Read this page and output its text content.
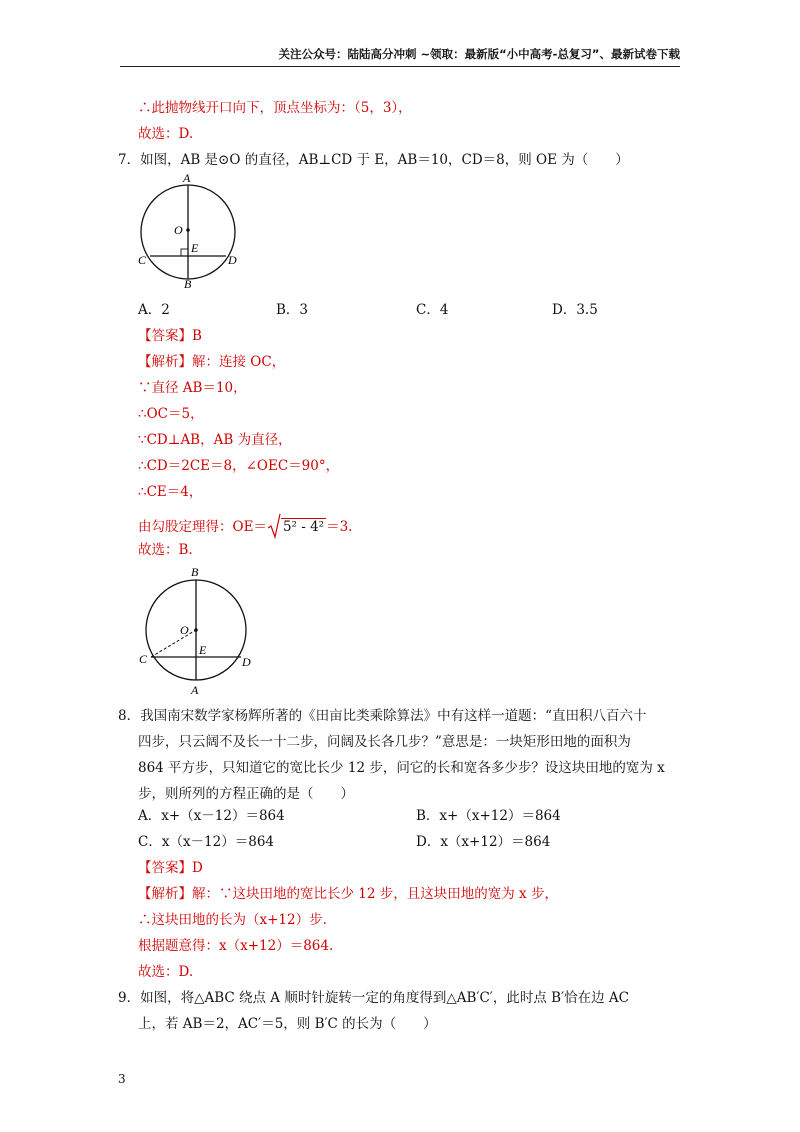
关注公众号：陆陆高分冲刺 ~领取：最新版“小中高考-总复习”、最新试卷下载
∴此抛物线开口向下，顶点坐标为：（5，3），
故选：D.
7．如图，AB 是⊙O 的直径，AB⊥CD 于 E，AB＝10，CD＝8，则 OE 为（　　）
A
B
C	D
O
E
A．2	B．3	C．4	D．3.5
【答案】B
【解析】解：连接 OC，
∵直径 AB＝10，
∴OC＝5，
∵CD⊥AB，AB 为直径，
∴CD＝2CE＝8，∠OEC＝90°，
∴CE＝4，
由勾股定理得：OE＝ 5² - 4² ＝3.
故选：B.
B
A
C	D
O
E
8．我国南宋数学家杨辉所著的《田亩比类乘除算法》中有这样一道题：“直田积八百六十
四步，只云阔不及长一十二步，问阔及长各几步？”意思是：一块矩形田地的面积为
864 平方步，只知道它的宽比长少 12 步，问它的长和宽各多少步？设这块田地的宽为 x
步，则所列的方程正确的是（　　）
A．x+（x－12）＝864	B．x+（x+12）＝864
C．x（x－12）＝864	D．x（x+12）＝864
【答案】D
【解析】解：∵这块田地的宽比长少 12 步，且这块田地的宽为 x 步，
∴这块田地的长为（x+12）步.
根据题意得：x（x+12）＝864.
故选：D.
9．如图，将△ABC 绕点 A 顺时针旋转一定的角度得到△AB′C′，此时点 B′恰在边 AC
上，若 AB＝2，AC′＝5，则 B′C 的长为（　　）
3
